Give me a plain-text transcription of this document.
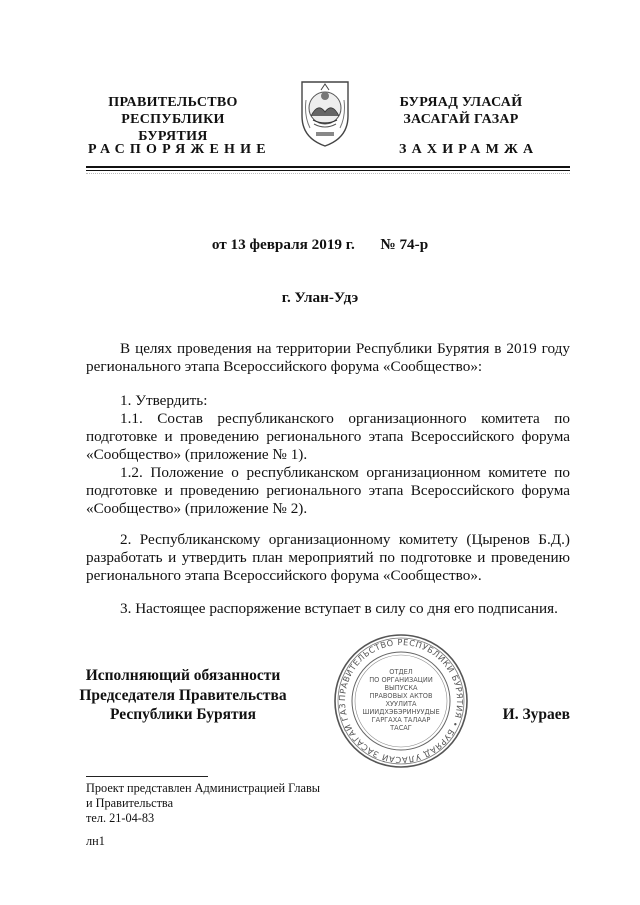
ПРАВИТЕЛЬСТВО
РЕСПУБЛИКИ БУРЯТИЯ
БУРЯАД УЛАСАЙ
ЗАСАГАЙ ГАЗАР
РАСПОРЯЖЕНИЕ	ЗАХИРАМЖА
от 13 февраля 2019 г. № 74-р
г. Улан-Удэ

В целях проведения на территории Республики Бурятия в 2019 году регионального этапа Всероссийского форума «Сообщество»:

1. Утвердить:

1.1. Состав республиканского организационного комитета по подготовке и проведению регионального этапа Всероссийского форума «Сообщество» (приложение № 1).

1.2. Положение о республиканском организационном комитете по подготовке и проведению регионального этапа Всероссийского форума «Сообщество» (приложение № 2).

2. Республиканскому организационному комитету (Цыренов Б.Д.) разработать и утвердить план мероприятий по подготовке и проведению регионального этапа Всероссийского форума «Сообщество».

3. Настоящее распоряжение вступает в силу со дня его подписания.

Исполняющий обязанности
Председателя Правительства
Республики Бурятия
ПРАВИТЕЛЬСТВО РЕСПУБЛИКИ БУРЯТИЯ • БУРЯАД УЛАСАЙ ЗАСАГАЙ ГАЗ
ОТДЕЛ
ПО ОРГАНИЗАЦИИ
ВЫПУСКА
ПРАВОВЫХ АКТОВ
ХУУЛИТА
ШИИДХЭБЭРИНУУДЫЕ
ГАРГАХА ТАЛААР
ТАСАГ
И. Зураев
Проект представлен Администрацией Главы
и Правительства
тел. 21-04-83
лн1
